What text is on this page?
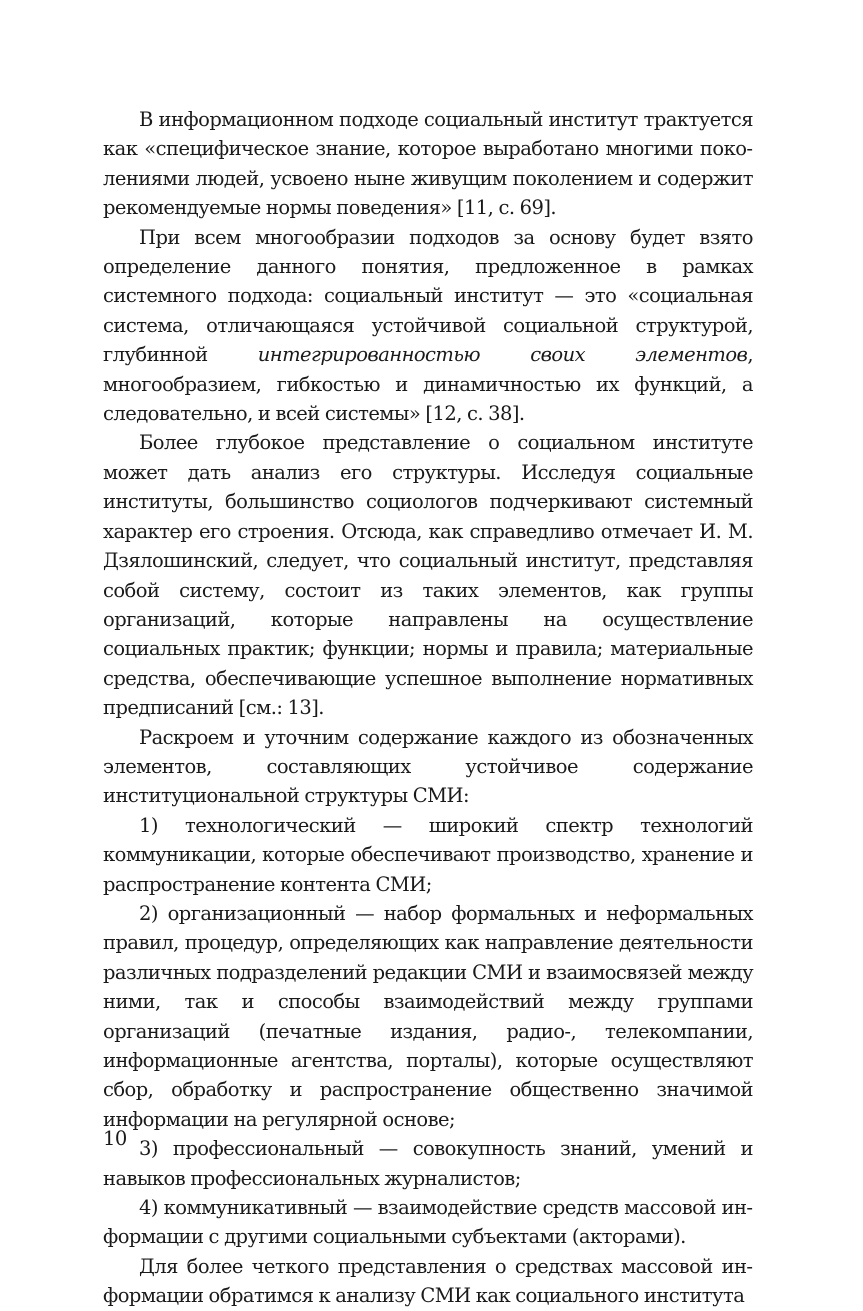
В информационном подходе социальный институт трактуется как «специфическое знание, которое выработано многими поколениями людей, усвоено ныне живущим поколением и содержит рекомендуемые нормы поведения» [11, с. 69].

При всем многообразии подходов за основу будет взято определение данного понятия, предложенное в рамках системного подхода: социальный институт — это «социальная система, отличающаяся устойчивой социальной структурой, глубинной интегрированностью своих элементов, многообразием, гибкостью и динамичностью их функций, а следовательно, и всей системы» [12, с. 38].

Более глубокое представление о социальном институте может дать анализ его структуры. Исследуя социальные институты, большинство социологов подчеркивают системный характер его строения. Отсюда, как справедливо отмечает И. М. Дзялошинский, следует, что социальный институт, представляя собой систему, состоит из таких элементов, как группы организаций, которые направлены на осуществление социальных практик; функции; нормы и правила; материальные средства, обеспечивающие успешное выполнение нормативных предписаний [см.: 13].

Раскроем и уточним содержание каждого из обозначенных элементов, составляющих устойчивое содержание институциональной структуры СМИ:

1) технологический — широкий спектр технологий коммуникации, которые обеспечивают производство, хранение и распространение контента СМИ;

2) организационный — набор формальных и неформальных правил, процедур, определяющих как направление деятельности различных подразделений редакции СМИ и взаимосвязей между ними, так и способы взаимодействий между группами организаций (печатные издания, радио-, телекомпании, информационные агентства, порталы), которые осуществляют сбор, обработку и распространение общественно значимой информации на регулярной основе;

3) профессиональный — совокупность знаний, умений и навыков профессиональных журналистов;

4) коммуникативный — взаимодействие средств массовой информации с другими социальными субъектами (акторами).

Для более четкого представления о средствах массовой информации обратимся к анализу СМИ как социального института

10
